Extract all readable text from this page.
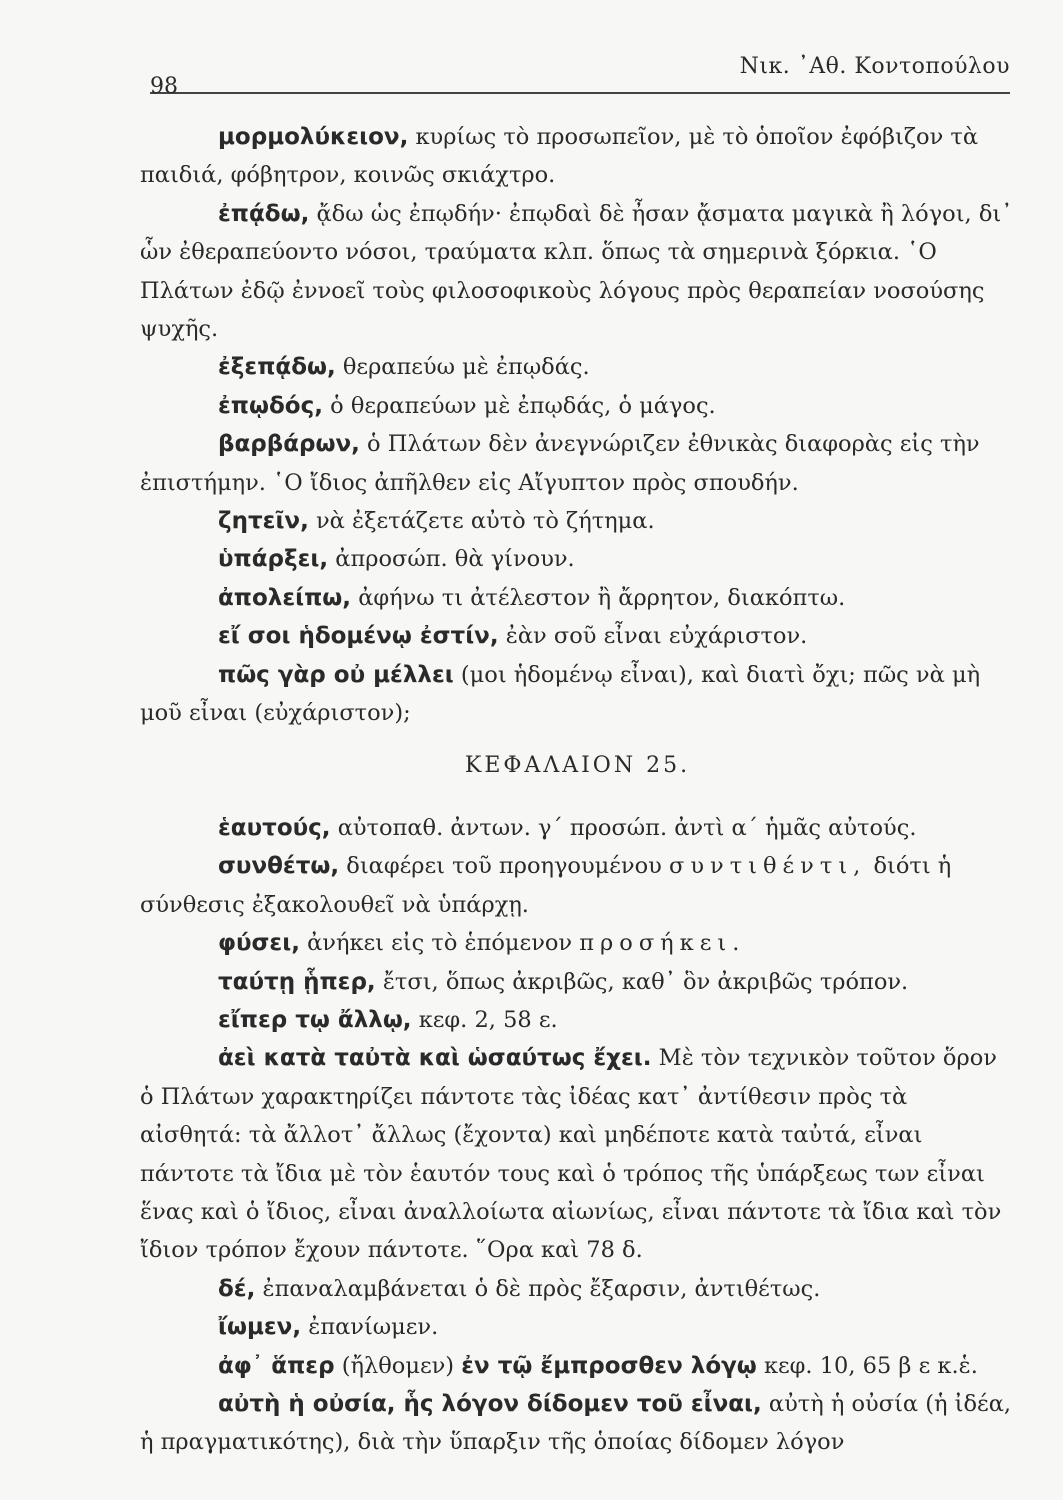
98
Νικ. ᾽Αθ. Κοντοπούλου

μορμολύκειον, κυρίως τὸ προσωπεῖον, μὲ τὸ ὁποῖον ἐφόβιζον τὰ παιδιά, φόβητρον, κοινῶς σκιάχτρο.

ἐπᾴδω, ᾄδω ὡς ἐπῳδήν· ἐπῳδαὶ δὲ ἦσαν ᾄσματα μαγικὰ ἢ λόγοι, δι᾽ ὧν ἐθεραπεύοντο νόσοι, τραύματα κλπ. ὅπως τὰ σημερινὰ ξόρκια. ῾Ο Πλάτων ἐδῷ ἐννοεῖ τοὺς φιλοσοφικοὺς λόγους πρὸς θεραπείαν νοσούσης ψυχῆς.

ἐξεπᾴδω, θεραπεύω μὲ ἐπῳδάς.

ἐπῳδός, ὁ θεραπεύων μὲ ἐπῳδάς, ὁ μάγος.

βαρβάρων, ὁ Πλάτων δὲν ἀνεγνώριζεν ἐθνικὰς διαφορὰς εἰς τὴν ἐπιστήμην. ῾Ο ἴδιος ἀπῆλθεν εἰς Αἴγυπτον πρὸς σπουδήν.

ζητεῖν, νὰ ἐξετάζετε αὐτὸ τὸ ζήτημα.

ὑπάρξει, ἀπροσώπ. θὰ γίνουν.

ἀπολείπω, ἀφήνω τι ἀτέλεστον ἢ ἄρρητον, διακόπτω.

εἴ σοι ἡδομένῳ ἐστίν, ἐὰν σοῦ εἶναι εὐχάριστον.

πῶς γὰρ οὐ μέλλει (μοι ἡδομένῳ εἶναι), καὶ διατὶ ὄχι; πῶς νὰ μὴ μοῦ εἶναι (εὐχάριστον);

ΚΕΦΑΛΑΙΟΝ 25.

ἑαυτούς, αὐτοπαθ. ἀντων. γ´ προσώπ. ἀντὶ α´ ἡμᾶς αὐτούς.

συνθέτω, διαφέρει τοῦ προηγουμένου συντιθέντι, διότι ἡ σύνθεσις ἐξακολουθεῖ νὰ ὑπάρχῃ.

φύσει, ἀνήκει εἰς τὸ ἑπόμενον προσήκει.

ταύτῃ ᾗπερ, ἔτσι, ὅπως ἀκριβῶς, καθ᾽ ὃν ἀκριβῶς τρόπον.

εἴπερ τῳ ἄλλῳ, κεφ. 2, 58 ε.

ἀεὶ κατὰ ταὐτὰ καὶ ὡσαύτως ἔχει. Μὲ τὸν τεχνικὸν τοῦτον ὅρον ὁ Πλάτων χαρακτηρίζει πάντοτε τὰς ἰδέας κατ᾽ ἀντίθεσιν πρὸς τὰ αἰσθητά: τὰ ἄλλοτ᾽ ἄλλως (ἔχοντα) καὶ μηδέποτε κατὰ ταὐτά, εἶναι πάντοτε τὰ ἴδια μὲ τὸν ἑαυτόν τους καὶ ὁ τρόπος τῆς ὑπάρξεως των εἶναι ἕνας καὶ ὁ ἴδιος, εἶναι ἀναλλοίωτα αἰωνίως, εἶναι πάντοτε τὰ ἴδια καὶ τὸν ἴδιον τρόπον ἔχουν πάντοτε. ῞Ορα καὶ 78 δ.

δέ, ἐπαναλαμβάνεται ὁ δὲ πρὸς ἔξαρσιν, ἀντιθέτως.

ἴωμεν, ἐπανίωμεν.

ἀφ᾽ ἅπερ (ἤλθομεν) ἐν τῷ ἔμπροσθεν λόγῳ κεφ. 10, 65 β ε κ.ἑ.

αὐτὴ ἡ οὐσία, ἧς λόγον δίδομεν τοῦ εἶναι, αὐτὴ ἡ οὐσία (ἡ ἰδέα, ἡ πραγματικότης), διὰ τὴν ὕπαρξιν τῆς ὁποίας δίδομεν λόγον
